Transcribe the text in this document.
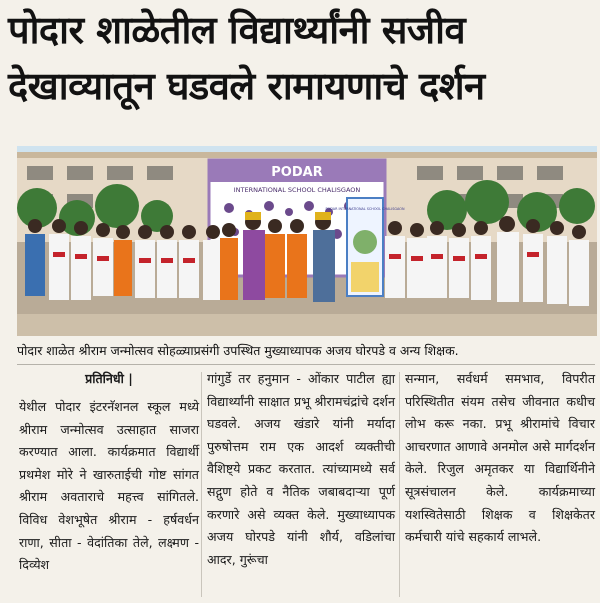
पोदार शाळेतील विद्यार्थ्यांनी सजीव
देखाव्यातून घडवले रामायणाचे दर्शन
PODAR
INTERNATIONAL SCHOOL CHALISGAON
PODAR INTERNATIONAL SCHOOL CHALISGAON
पोदार शाळेत श्रीराम जन्मोत्सव सोहळ्याप्रसंगी उपस्थित मुख्याध्यापक अजय घोरपडे व अन्य शिक्षक.
प्रतिनिधी |

येथील पोदार इंटरनॅशनल स्कूल मध्ये श्रीराम जन्मोत्सव उत्साहात साजरा करण्यात आला. कार्यक्रमात विद्यार्थी प्रथमेश मोरे ने खारुताईची गोष्ट सांगत श्रीराम अवताराचे महत्त्व सांगितले. विविध वेशभूषेत श्रीराम - हर्षवर्धन राणा, सीता - वेदांतिका तेले, लक्ष्मण - दिव्येश

गांगुर्डे तर हनुमान - ओंकार पाटील ह्या विद्यार्थ्यांनी साक्षात प्रभू श्रीरामचंद्रांचे दर्शन घडवले. अजय खंडारे यांनी मर्यादा पुरुषोत्तम राम एक आदर्श व्यक्तीची वैशिष्ट्ये प्रकट करतात. त्यांच्यामध्ये सर्व सद्गुण होते व नैतिक जबाबदाऱ्या पूर्ण करणारे असे व्यक्त केले. मुख्याध्यापक अजय घोरपडे यांनी शौर्य, वडिलांचा आदर, गुरूंचा

सन्मान, सर्वधर्म समभाव, विपरीत परिस्थितीत संयम तसेच जीवनात कधीच लोभ करू नका. प्रभू श्रीरामांचे विचार आचरणात आणावे अनमोल असे मार्गदर्शन केले. रिजुल अमृतकर या विद्यार्थिनीने सूत्रसंचालन केले. कार्यक्रमाच्या यशस्वितेसाठी शिक्षक व शिक्षकेतर कर्मचारी यांचे सहकार्य लाभले.
